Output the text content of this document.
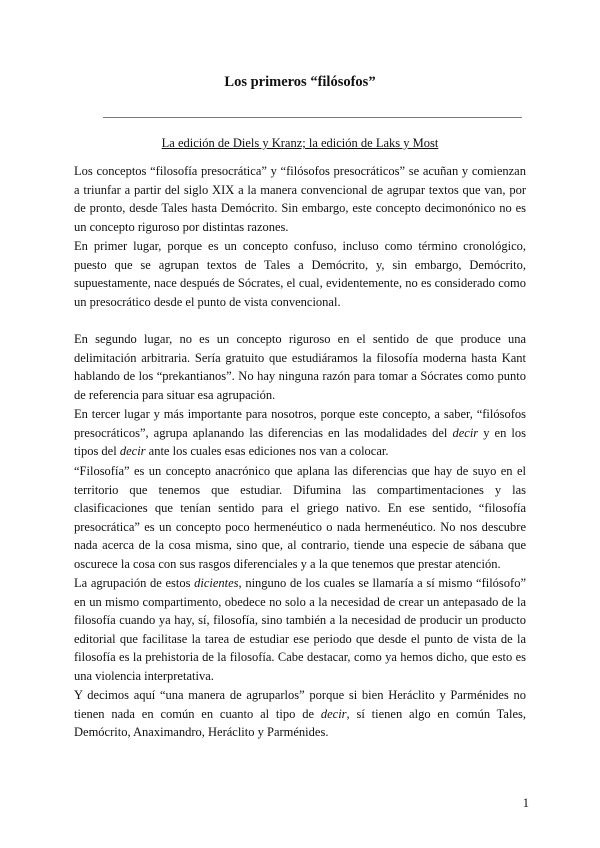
Los primeros “filósofos”
La edición de Diels y Kranz; la edición de Laks y Most

Los conceptos “filosofía presocrática” y “filósofos presocráticos” se acuñan y comienzan a triunfar a partir del siglo XIX a la manera convencional de agrupar textos que van, por de pronto, desde Tales hasta Demócrito. Sin embargo, este concepto decimonónico no es un concepto riguroso por distintas razones.

En primer lugar, porque es un concepto confuso, incluso como término cronológico, puesto que se agrupan textos de Tales a Demócrito, y, sin embargo, Demócrito, supuestamente, nace después de Sócrates, el cual, evidentemente, no es considerado como un presocrático desde el punto de vista convencional.

En segundo lugar, no es un concepto riguroso en el sentido de que produce una delimitación arbitraria. Sería gratuito que estudiáramos la filosofía moderna hasta Kant hablando de los “prekantianos”. No hay ninguna razón para tomar a Sócrates como punto de referencia para situar esa agrupación.

En tercer lugar y más importante para nosotros, porque este concepto, a saber, “filósofos presocráticos”, agrupa aplanando las diferencias en las modalidades del decir y en los tipos del decir ante los cuales esas ediciones nos van a colocar.

“Filosofía” es un concepto anacrónico que aplana las diferencias que hay de suyo en el territorio que tenemos que estudiar. Difumina las compartimentaciones y las clasificaciones que tenían sentido para el griego nativo. En ese sentido, “filosofía presocrática” es un concepto poco hermenéutico o nada hermenéutico. No nos descubre nada acerca de la cosa misma, sino que, al contrario, tiende una especie de sábana que oscurece la cosa con sus rasgos diferenciales y a la que tenemos que prestar atención.

La agrupación de estos dicientes, ninguno de los cuales se llamaría a sí mismo “filósofo” en un mismo compartimento, obedece no solo a la necesidad de crear un antepasado de la filosofía cuando ya hay, sí, filosofía, sino también a la necesidad de producir un producto editorial que facilitase la tarea de estudiar ese periodo que desde el punto de vista de la filosofía es la prehistoria de la filosofía. Cabe destacar, como ya hemos dicho, que esto es una violencia interpretativa.

Y decimos aquí “una manera de agruparlos” porque si bien Heráclito y Parménides no tienen nada en común en cuanto al tipo de decir, sí tienen algo en común Tales, Demócrito, Anaximandro, Heráclito y Parménides.

1
